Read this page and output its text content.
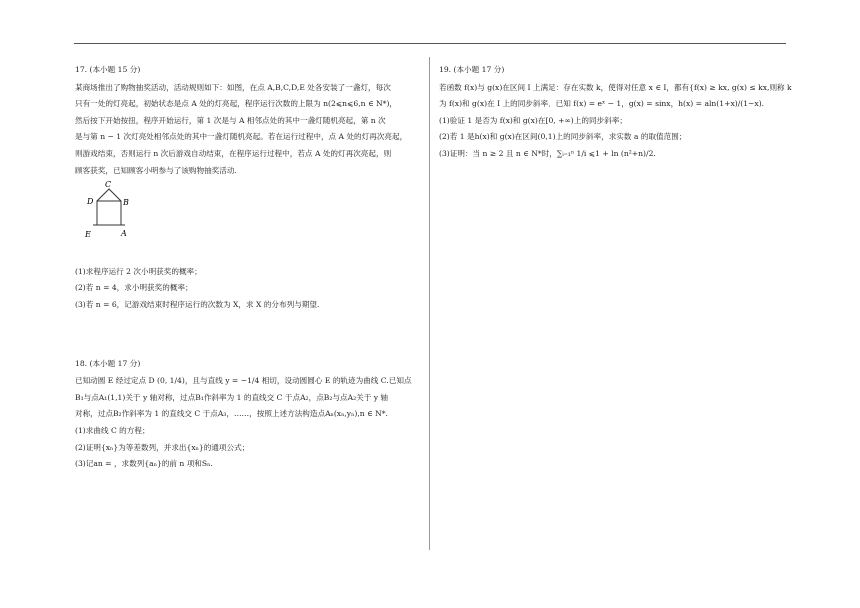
17. (本小题 15 分)

某商场推出了购物抽奖活动，活动规则如下：如图，在点 A,B,C,D,E 处各安装了一盏灯，每次

只有一处的灯亮起，初始状态是点 A 处的灯亮起，程序运行次数的上限为 n(2⩽n⩽6,n ∈ N*)，

然后按下开始按扭，程序开始运行，第 1 次是与 A 相邻点处的其中一盏灯随机亮起，第 n 次

是与第 n − 1 次灯亮处相邻点处的其中一盏灯随机亮起。若在运行过程中，点 A 处的灯再次亮起，

则游戏结束，否则运行 n 次后游戏自动结束，在程序运行过程中，若点 A 处的灯再次亮起，则

顾客获奖，已知顾客小明参与了该购物抽奖活动.

C
D	B
E	A

(1)求程序运行 2 次小明获奖的概率；

(2)若 n = 4，求小明获奖的概率；

(3)若 n = 6，记游戏结束时程序运行的次数为 X，求 X 的分布列与期望.

18. (本小题 17 分)

已知动圆 E 经过定点 D (0, 1/4)，且与直线 y = −1/4 相切，设动圆圆心 E 的轨迹为曲线 C.已知点

B₁与点A₁(1,1)关于 y 轴对称，过点B₁作斜率为 1 的直线交 C 于点A₂，点B₂与点A₂关于 y 轴

对称，过点B₂作斜率为 1 的直线交 C 于点A₃，……，按照上述方法构造点Aₙ(xₙ,yₙ),n ∈ N*.

(1)求曲线 C 的方程；

(2)证明{xₙ}为等差数列，并求出{xₙ}的通项公式；

(3)记an = ，求数列{aₙ}的前 n 项和Sₙ.

19. (本小题 17 分)

若函数 f(x)与 g(x)在区间 I 上满足：存在实数 k，使得对任意 x ∈ I，都有{f(x) ≥ kx, g(x) ≤ kx,则称 k

为 f(x)和 g(x)在 I 上的同步斜率．已知 f(x) = eˣ − 1，g(x) = sinx，h(x) = aln(1+x)/(1−x).

(1)验证 1 是否为 f(x)和 g(x)在[0, +∞)上的同步斜率；

(2)若 1 是h(x)和 g(x)在区间(0,1)上的同步斜率，求实数 a 的取值范围；

(3)证明：当 n ≥ 2 且 n ∈ N*时，∑ᵢ₌₁ⁿ 1/i ⩽1 + ln (n²+n)/2.
